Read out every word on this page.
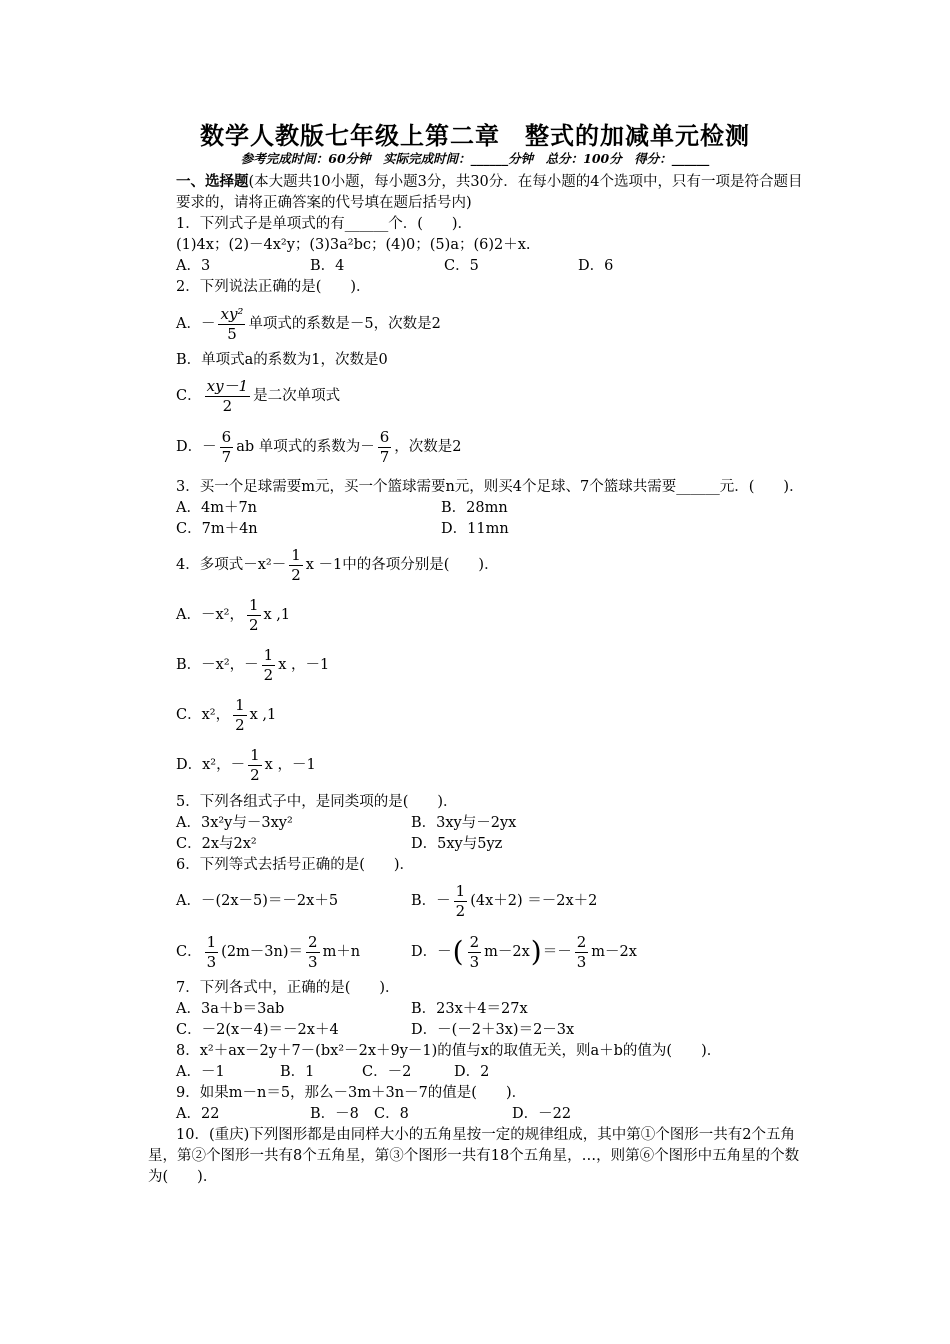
数学人教版七年级上第二章　整式的加减单元检测
参考完成时间：60分钟　实际完成时间：______分钟　总分：100分　得分：______

一、选择题(本大题共10小题，每小题3分，共30分．在每小题的4个选项中，只有一项是符合题目要求的，请将正确答案的代号填在题后括号内)

1．下列式子是单项式的有______个．(　　)．

(1)4x；(2)－4x²y；(3)3a²bc；(4)0；(5)a；(6)2＋x.

A．3	B．4	C．5	D．6

2．下列说法正确的是(　　)．

A．－ $\frac{\text{xy²}}{5}$ 单项式的系数是－5，次数是2

B．单项式a的系数为1，次数是0

C． $\frac{xy-1}{2}$ 是二次单项式
D．－ $\frac{6}{7}$ ab 单项式的系数为－ $\frac{6}{7}$ ，次数是2

3．买一个足球需要m元，买一个篮球需要n元，则买4个足球、7个篮球共需要______元．(　　)．

A．4m＋7n	B．28mn
C．7m＋4n	D．11mn
4．多项式$-x^2- \frac{1}{2}$ x －1中的各项分别是(　　)．
A．－x²， $\frac{1}{2}$ x ,1
B．－x²，－ $\frac{1}{2}$ x ，－1
C．x²， $\frac{1}{2}$ x ,1
D．x²，－ $\frac{1}{2}$ x ，－1

5．下列各组式子中，是同类项的是(　　)．

A．3x²y与－3xy²	B．3xy与－2yx
C．2x与2x²	D．5xy与5yz

6．下列等式去括号正确的是(　　)．

A．－(2x－5)＝－2x＋5	B．－ $\frac{1}{2} (4x+2) =-2x+2$
C． $\frac{1}{3} (2m-3n)= \frac{2}{3} m+n$	D．－ ( $\frac{2}{3} m-2x$ ) ＝－ $\frac{2}{3} m-2x$

7．下列各式中，正确的是(　　)．

A．3a＋b＝3ab	B．23x＋4＝27x
C．－2(x－4)＝－2x＋4	D．－(－2＋3x)＝2－3x

8．x²＋ax－2y＋7－(bx²－2x＋9y－1)的值与x的取值无关，则a＋b的值为(　　)．

A．－1	B．1	C．－2	D．2

9．如果m－n＝5，那么－3m＋3n－7的值是(　　)．

A．22	B．－8	C．8	D．－22

10．(重庆)下列图形都是由同样大小的五角星按一定的规律组成，其中第①个图形一共有2个五角星，第②个图形一共有8个五角星，第③个图形一共有18个五角星，…，则第⑥个图形中五角星的个数为(　　)．
